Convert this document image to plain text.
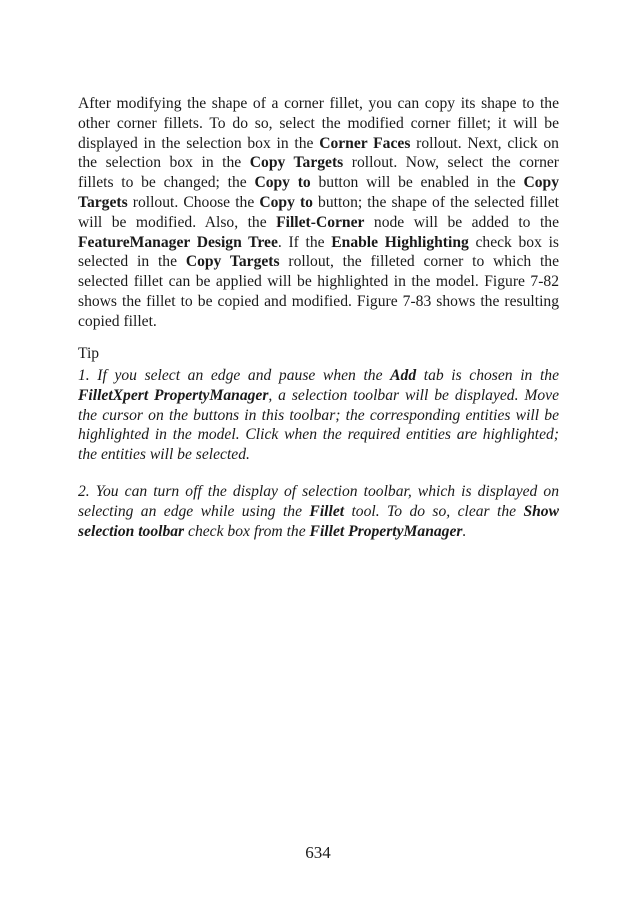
After modifying the shape of a corner fillet, you can copy its shape to the
other corner fillets. To do so, select the modified corner fillet; it will be
displayed in the selection box in the Corner Faces rollout. Next, click on
the selection box in the Copy Targets rollout. Now, select the corner
fillets to be changed; the Copy to button will be enabled in the Copy
Targets rollout. Choose the Copy to button; the shape of the selected fillet
will be modified. Also, the Fillet-Corner node will be added to the
FeatureManager Design Tree. If the Enable Highlighting check box is
selected in the Copy Targets rollout, the filleted corner to which the
selected fillet can be applied will be highlighted in the model. Figure 7-82
shows the fillet to be copied and modified. Figure 7-83 shows the resulting
copied fillet.
Tip
1. If you select an edge and pause when the Add tab is chosen in the
FilletXpert PropertyManager, a selection toolbar will be displayed. Move
the cursor on the buttons in this toolbar; the corresponding entities will be
highlighted in the model. Click when the required entities are highlighted;
the entities will be selected.
2. You can turn off the display of selection toolbar, which is displayed on
selecting an edge while using the Fillet tool. To do so, clear the Show
selection toolbar check box from the Fillet PropertyManager.
634
